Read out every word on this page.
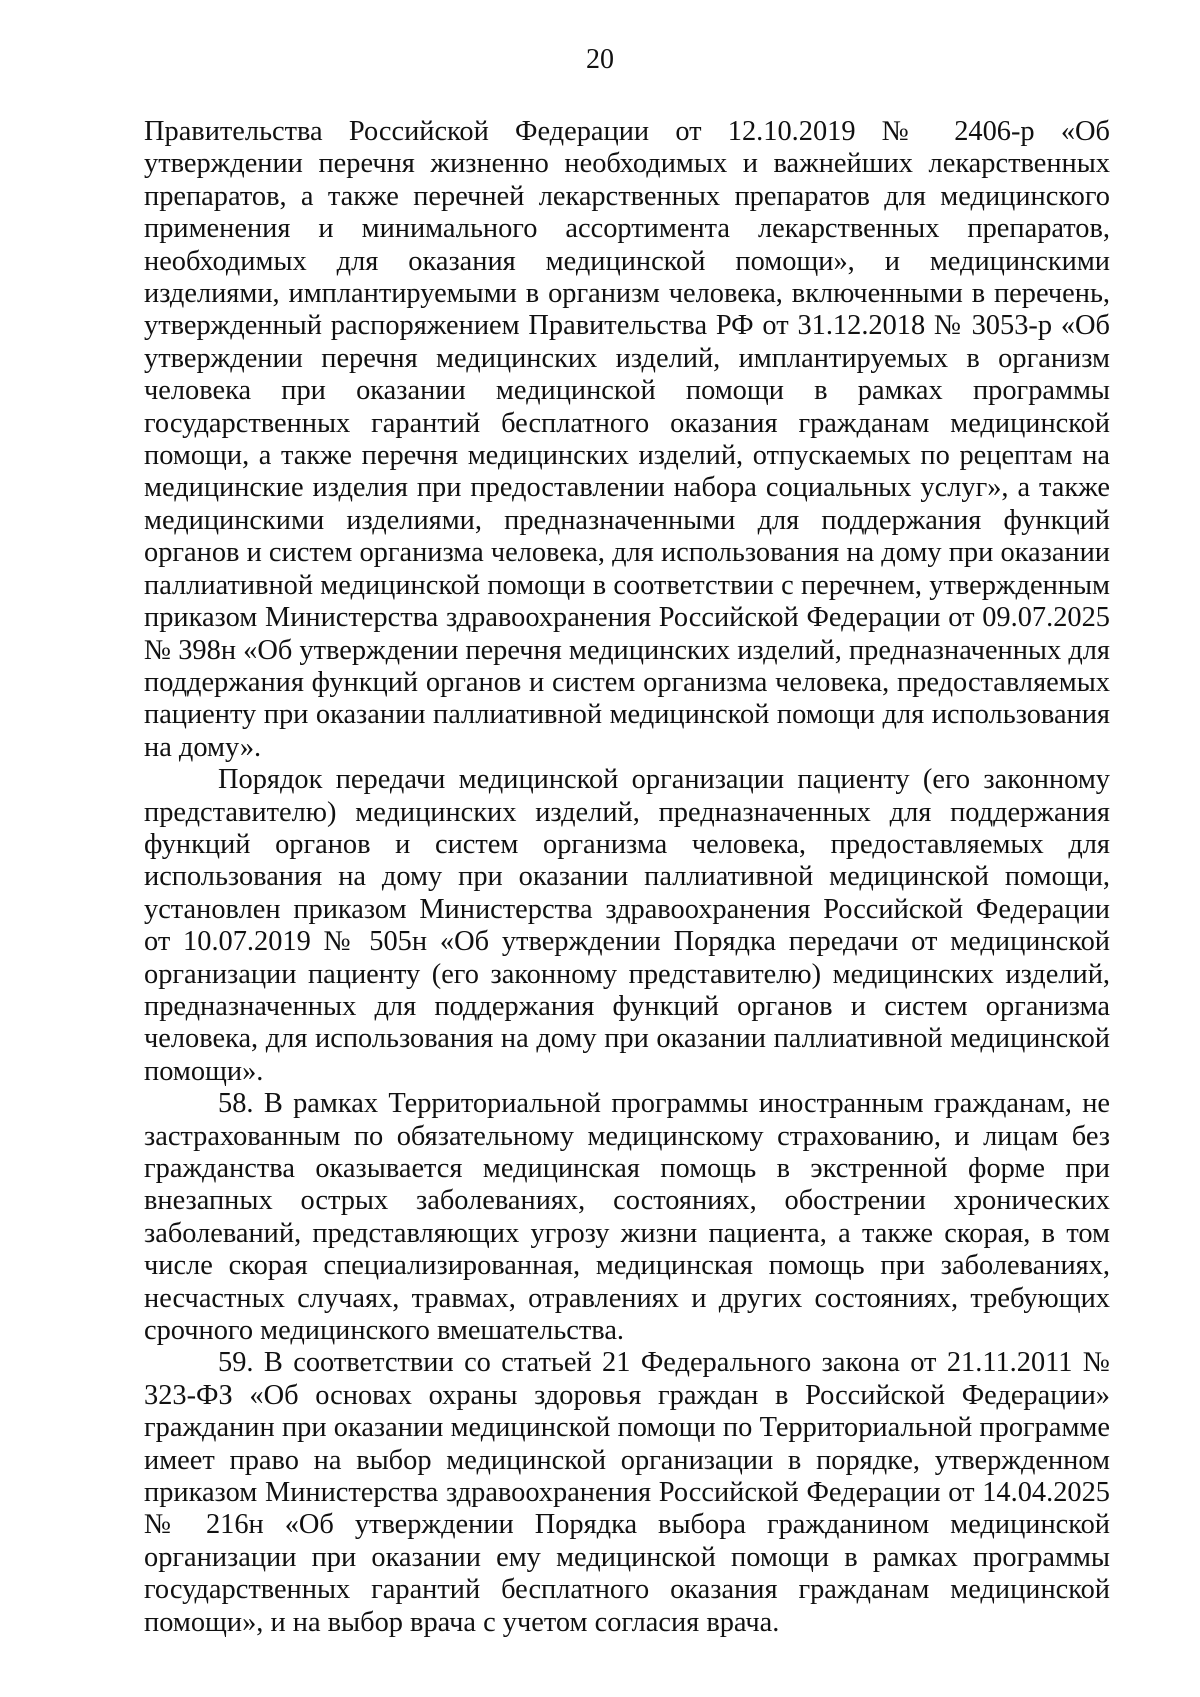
20

Правительства Российской Федерации от 12.10.2019 № 2406-р «Об утверждении перечня жизненно необходимых и важнейших лекарственных препаратов, а также перечней лекарственных препаратов для медицинского применения и минимального ассортимента лекарственных препаратов, необходимых для оказания медицинской помощи», и медицинскими изделиями, имплантируемыми в организм человека, включенными в перечень, утвержденный распоряжением Правительства РФ от 31.12.2018 № 3053-р «Об утверждении перечня медицинских изделий, имплантируемых в организм человека при оказании медицинской помощи в рамках программы государственных гарантий бесплатного оказания гражданам медицинской помощи, а также перечня медицинских изделий, отпускаемых по рецептам на медицинские изделия при предоставлении набора социальных услуг», а также медицинскими изделиями, предназначенными для поддержания функций органов и систем организма человека, для использования на дому при оказании паллиативной медицинской помощи в соответствии с перечнем, утвержденным приказом Министерства здравоохранения Российской Федерации от 09.07.2025 № 398н «Об утверждении перечня медицинских изделий, предназначенных для поддержания функций органов и систем организма человека, предоставляемых пациенту при оказании паллиативной медицинской помощи для использования на дому».

Порядок передачи медицинской организации пациенту (его законному представителю) медицинских изделий, предназначенных для поддержания функций органов и систем организма человека, предоставляемых для использования на дому при оказании паллиативной медицинской помощи, установлен приказом Министерства здравоохранения Российской Федерации от 10.07.2019 № 505н «Об утверждении Порядка передачи от медицинской организации пациенту (его законному представителю) медицинских изделий, предназначенных для поддержания функций органов и систем организма человека, для использования на дому при оказании паллиативной медицинской помощи».

58. В рамках Территориальной программы иностранным гражданам, не застрахованным по обязательному медицинскому страхованию, и лицам без гражданства оказывается медицинская помощь в экстренной форме при внезапных острых заболеваниях, состояниях, обострении хронических заболеваний, представляющих угрозу жизни пациента, а также скорая, в том числе скорая специализированная, медицинская помощь при заболеваниях, несчастных случаях, травмах, отравлениях и других состояниях, требующих срочного медицинского вмешательства.

59. В соответствии со статьей 21 Федерального закона от 21.11.2011 № 323-ФЗ «Об основах охраны здоровья граждан в Российской Федерации» гражданин при оказании медицинской помощи по Территориальной программе имеет право на выбор медицинской организации в порядке, утвержденном приказом Министерства здравоохранения Российской Федерации от 14.04.2025 № 216н «Об утверждении Порядка выбора гражданином медицинской организации при оказании ему медицинской помощи в рамках программы государственных гарантий бесплатного оказания гражданам медицинской помощи», и на выбор врача с учетом согласия врача.
